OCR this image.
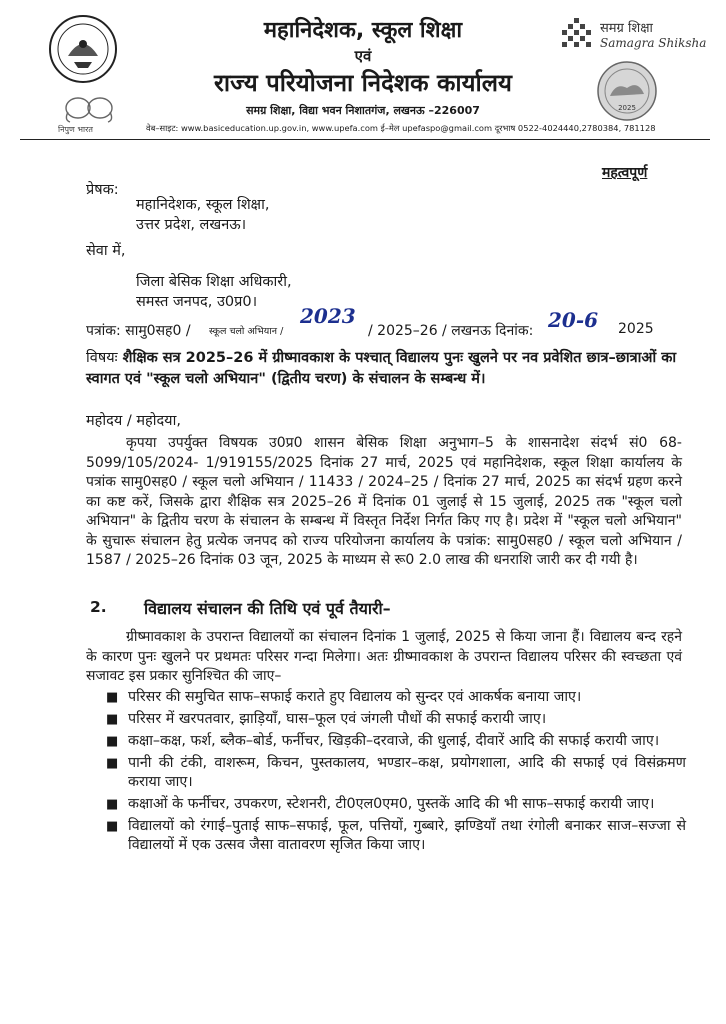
निपुण भारत
समग्र शिक्षा
Samagra Shiksha
2025
महानिदेशक, स्कूल शिक्षा
एवं
राज्य परियोजना निदेशक कार्यालय
समग्र शिक्षा, विद्या भवन निशातगंज, लखनऊ –226007
वेब–साइट: www.basiceducation.up.gov.in, www.upefa.com ई–मेल upefaspo@gmail.com दूरभाष 0522-4024440,2780384, 781128
महत्वपूर्ण
प्रेषक:
महानिदेशक, स्कूल शिक्षा,
उत्तर प्रदेश, लखनऊ।
सेवा में,
जिला बेसिक शिक्षा अधिकारी,
समस्त जनपद, उ0प्र0।
पत्रांक: सामु0सह0 / स्कूल चलो अभियान /
2023
/ 2025–26 / लखनऊ दिनांक: 20-6 2025
विषयः शैक्षिक सत्र 2025–26 में ग्रीष्मावकाश के पश्चात् विद्यालय पुनः खुलने पर नव प्रवेशित छात्र–छात्राओं का स्वागत एवं "स्कूल चलो अभियान" (द्वितीय चरण) के संचालन के सम्बन्ध में।
महोदय / महोदया,
कृपया उपर्युक्त विषयक उ0प्र0 शासन बेसिक शिक्षा अनुभाग–5 के शासनादेश संदर्भ सं0 68-5099/105/2024- 1/919155/2025 दिनांक 27 मार्च, 2025 एवं महानिदेशक, स्कूल शिक्षा कार्यालय के पत्रांक सामु0सह0 / स्कूल चलो अभियान / 11433 / 2024–25 / दिनांक 27 मार्च, 2025 का संदर्भ ग्रहण करने का कष्ट करें, जिसके द्वारा शैक्षिक सत्र 2025–26 में दिनांक 01 जुलाई से 15 जुलाई, 2025 तक "स्कूल चलो अभियान" के द्वितीय चरण के संचालन के सम्बन्ध में विस्तृत निर्देश निर्गत किए गए है। प्रदेश में "स्कूल चलो अभियान" के सुचारू संचालन हेतु प्रत्येक जनपद को राज्य परियोजना कार्यालय के पत्रांक: सामु0सह0 / स्कूल चलो अभियान / 1587 / 2025–26 दिनांक 03 जून, 2025 के माध्यम से रू0 2.0 लाख की धनराशि जारी कर दी गयी है।
2. विद्यालय संचालन की तिथि एवं पूर्व तैयारी–
ग्रीष्मावकाश के उपरान्त विद्यालयों का संचालन दिनांक 1 जुलाई, 2025 से किया जाना हैं। विद्यालय बन्द रहने के कारण पुनः खुलने पर प्रथमतः परिसर गन्दा मिलेगा। अतः ग्रीष्मावकाश के उपरान्त विद्यालय परिसर की स्वच्छता एवं सजावट इस प्रकार सुनिश्चित की जाए–
■ परिसर की समुचित साफ–सफाई कराते हुए विद्यालय को सुन्दर एवं आकर्षक बनाया जाए।
■ परिसर में खरपतवार, झाड़ियाँ, घास–फूल एवं जंगली पौधों की सफाई करायी जाए।
■ कक्षा–कक्ष, फर्श, ब्लैक–बोर्ड, फर्नीचर, खिड़की–दरवाजे, की धुलाई, दीवारें आदि की सफाई करायी जाए।
■ पानी की टंकी, वाशरूम, किचन, पुस्तकालय, भण्डार–कक्ष, प्रयोगशाला, आदि की सफाई एवं विसंक्रमण कराया जाए।
■ कक्षाओं के फर्नीचर, उपकरण, स्टेशनरी, टी0एल0एम0, पुस्तकें आदि की भी साफ–सफाई करायी जाए।
■ विद्यालयों को रंगाई–पुताई साफ–सफाई, फूल, पत्तियों, गुब्बारे, झण्डियाँ तथा रंगोली बनाकर साज–सज्जा से विद्यालयों में एक उत्सव जैसा वातावरण सृजित किया जाए।
